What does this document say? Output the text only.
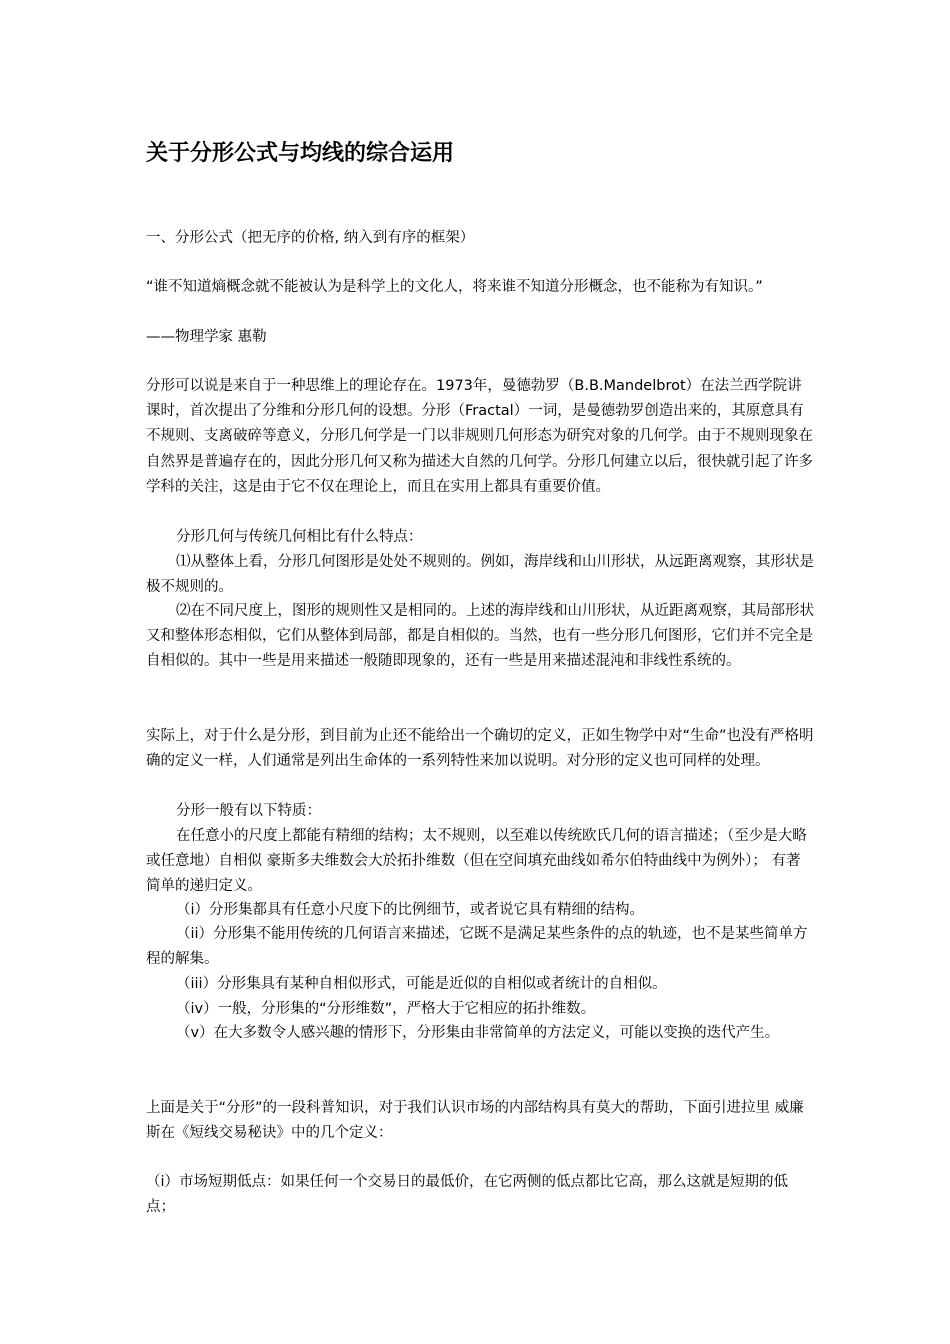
关于分形公式与均线的综合运用

一、分形公式（把无序的价格, 纳入到有序的框架）

“谁不知道熵概念就不能被认为是科学上的文化人，将来谁不知道分形概念，也不能称为有知识。”

——物理学家 惠勒

分形可以说是来自于一种思维上的理论存在。1973年，曼德勃罗（B.B.Mandelbrot）在法兰西学院讲课时，首次提出了分维和分形几何的设想。分形（Fractal）一词，是曼德勃罗创造出来的，其原意具有不规则、支离破碎等意义，分形几何学是一门以非规则几何形态为研究对象的几何学。由于不规则现象在自然界是普遍存在的，因此分形几何又称为描述大自然的几何学。分形几何建立以后，很快就引起了许多学科的关注，这是由于它不仅在理论上，而且在实用上都具有重要价值。

分形几何与传统几何相比有什么特点：

⑴从整体上看，分形几何图形是处处不规则的。例如，海岸线和山川形状，从远距离观察，其形状是极不规则的。

⑵在不同尺度上，图形的规则性又是相同的。上述的海岸线和山川形状，从近距离观察，其局部形状又和整体形态相似，它们从整体到局部，都是自相似的。当然，也有一些分形几何图形，它们并不完全是自相似的。其中一些是用来描述一般随即现象的，还有一些是用来描述混沌和非线性系统的。

实际上，对于什么是分形，到目前为止还不能给出一个确切的定义，正如生物学中对“生命”也没有严格明确的定义一样，人们通常是列出生命体的一系列特性来加以说明。对分形的定义也可同样的处理。

分形一般有以下特质：

在任意小的尺度上都能有精细的结构；太不规则，以至难以传统欧氏几何的语言描述；（至少是大略或任意地）自相似 豪斯多夫维数会大於拓扑维数（但在空间填充曲线如希尔伯特曲线中为例外）； 有著简单的递归定义。

（i）分形集都具有任意小尺度下的比例细节，或者说它具有精细的结构。

（ii）分形集不能用传统的几何语言来描述，它既不是满足某些条件的点的轨迹，也不是某些简单方程的解集。

（iii）分形集具有某种自相似形式，可能是近似的自相似或者统计的自相似。

（iv）一般，分形集的“分形维数”，严格大于它相应的拓扑维数。

（v）在大多数令人感兴趣的情形下，分形集由非常简单的方法定义，可能以变换的迭代产生。

上面是关于“分形”的一段科普知识，对于我们认识市场的内部结构具有莫大的帮助，下面引进拉里 威廉斯在《短线交易秘诀》中的几个定义：

（i）市场短期低点：如果任何一个交易日的最低价，在它两侧的低点都比它高，那么这就是短期的低点；
